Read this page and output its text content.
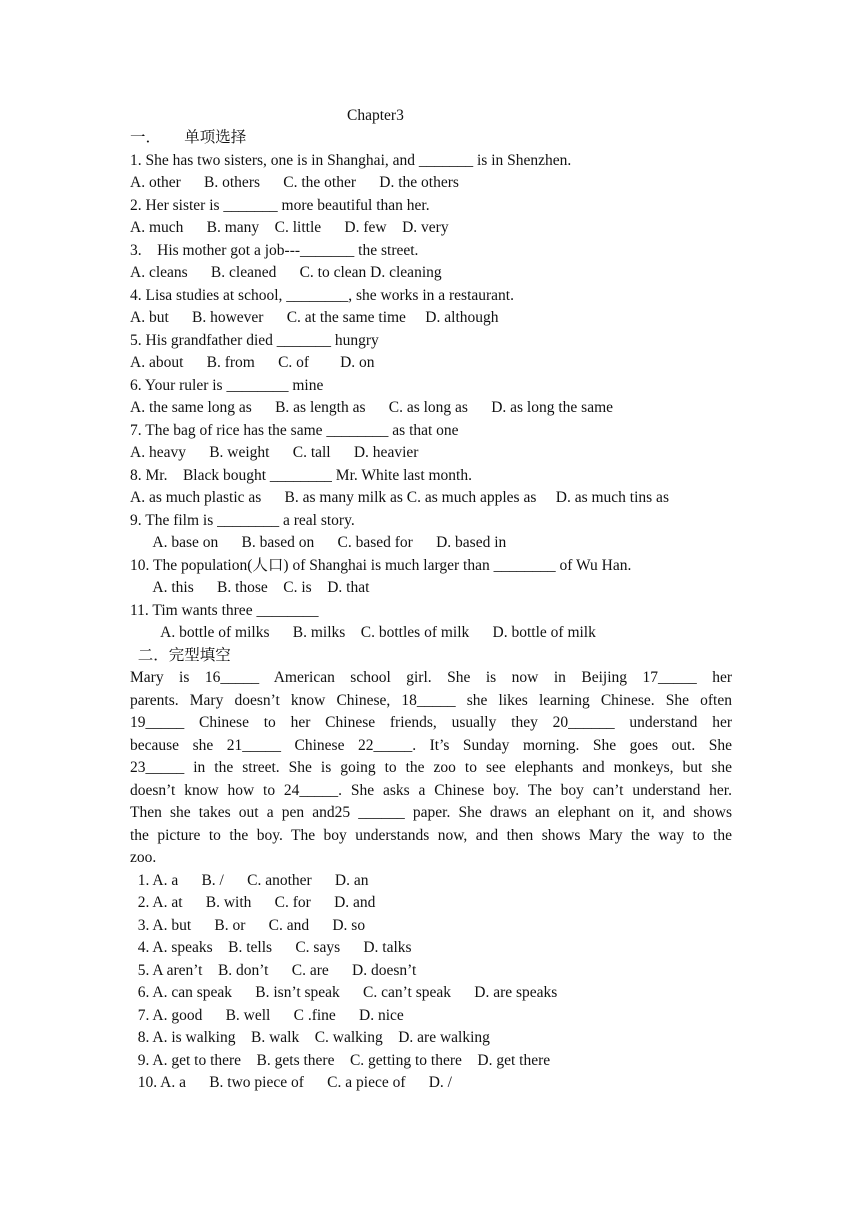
Chapter3
一．　　单项选择
1. She has two sisters, one is in Shanghai, and _______ is in Shenzhen.
A. other      B. others      C. the other      D. the others
2. Her sister is _______ more beautiful than her.
A. much      B. many    C. little      D. few    D. very
3.    His mother got a job---_______ the street.
A. cleans      B. cleaned      C. to clean D. cleaning
4. Lisa studies at school, ________, she works in a restaurant.
A. but      B. however      C. at the same time     D. although
5. His grandfather died _______ hungry
A. about      B. from      C. of        D. on
6. Your ruler is ________ mine
A. the same long as      B. as length as      C. as long as      D. as long the same
7. The bag of rice has the same ________ as that one
A. heavy      B. weight      C. tall      D. heavier
8. Mr.    Black bought ________ Mr. White last month.
A. as much plastic as      B. as many milk as C. as much apples as     D. as much tins as
9. The film is ________ a real story.
A. base on      B. based on      C. based for      D. based in
10. The population(人口) of Shanghai is much larger than ________ of Wu Han.
A. this      B. those    C. is    D. that
11. Tim wants three ________
A. bottle of milks      B. milks    C. bottles of milk      D. bottle of milk
二．完型填空
Mary is 16_____ American school girl. She is now in Beijing 17_____ her
parents. Mary doesn’t know Chinese, 18_____ she likes learning Chinese. She often
19_____ Chinese to her Chinese friends, usually they 20______ understand her
because she 21_____ Chinese 22_____. It’s Sunday morning. She goes out. She
23_____ in the street. She is going to the zoo to see elephants and monkeys, but she
doesn’t know how to 24_____. She asks a Chinese boy. The boy can’t understand her.
Then she takes out a pen and25 ______ paper. She draws an elephant on it, and shows
the picture to the boy. The boy understands now, and then shows Mary the way to the
zoo.
1. A. a      B. /      C. another      D. an
2. A. at      B. with      C. for      D. and
3. A. but      B. or      C. and      D. so
4. A. speaks    B. tells      C. says      D. talks
5. A aren’t    B. don’t      C. are      D. doesn’t
6. A. can speak      B. isn’t speak      C. can’t speak      D. are speaks
7. A. good      B. well      C .fine      D. nice
8. A. is walking    B. walk    C. walking    D. are walking
9. A. get to there    B. gets there    C. getting to there    D. get there
10. A. a      B. two piece of      C. a piece of      D. /
